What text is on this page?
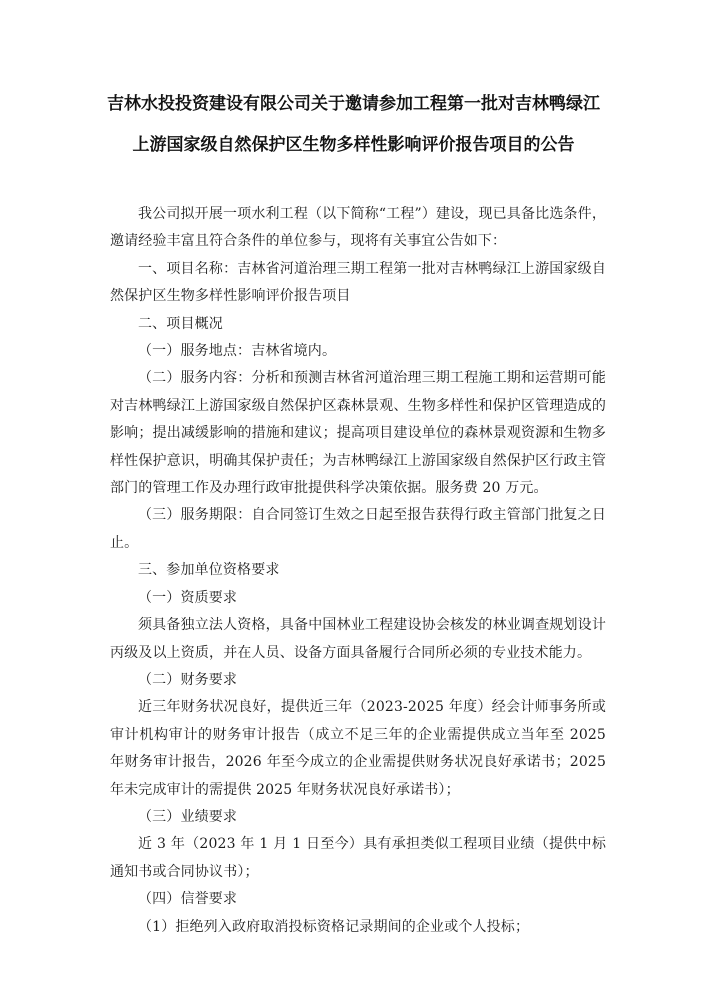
吉林水投投资建设有限公司关于邀请参加工程第一批对吉林鸭绿江
上游国家级自然保护区生物多样性影响评价报告项目的公告

我公司拟开展一项水利工程（以下简称“工程”）建设，现已具备比选条件，邀请经验丰富且符合条件的单位参与，现将有关事宜公告如下：

一、项目名称：吉林省河道治理三期工程第一批对吉林鸭绿江上游国家级自然保护区生物多样性影响评价报告项目

二、项目概况

（一）服务地点：吉林省境内。

（二）服务内容：分析和预测吉林省河道治理三期工程施工期和运营期可能对吉林鸭绿江上游国家级自然保护区森林景观、生物多样性和保护区管理造成的影响；提出减缓影响的措施和建议；提高项目建设单位的森林景观资源和生物多样性保护意识，明确其保护责任；为吉林鸭绿江上游国家级自然保护区行政主管部门的管理工作及办理行政审批提供科学决策依据。服务费 20 万元。

（三）服务期限：自合同签订生效之日起至报告获得行政主管部门批复之日止。

三、参加单位资格要求

（一）资质要求

须具备独立法人资格，具备中国林业工程建设协会核发的林业调查规划设计丙级及以上资质，并在人员、设备方面具备履行合同所必须的专业技术能力。

（二）财务要求

近三年财务状况良好，提供近三年（2023-2025 年度）经会计师事务所或审计机构审计的财务审计报告（成立不足三年的企业需提供成立当年至 2025 年财务审计报告，2026 年至今成立的企业需提供财务状况良好承诺书；2025 年未完成审计的需提供 2025 年财务状况良好承诺书）；

（三）业绩要求

近 3 年（2023 年 1 月 1 日至今）具有承担类似工程项目业绩（提供中标通知书或合同协议书）；

（四）信誉要求

（1）拒绝列入政府取消投标资格记录期间的企业或个人投标；
